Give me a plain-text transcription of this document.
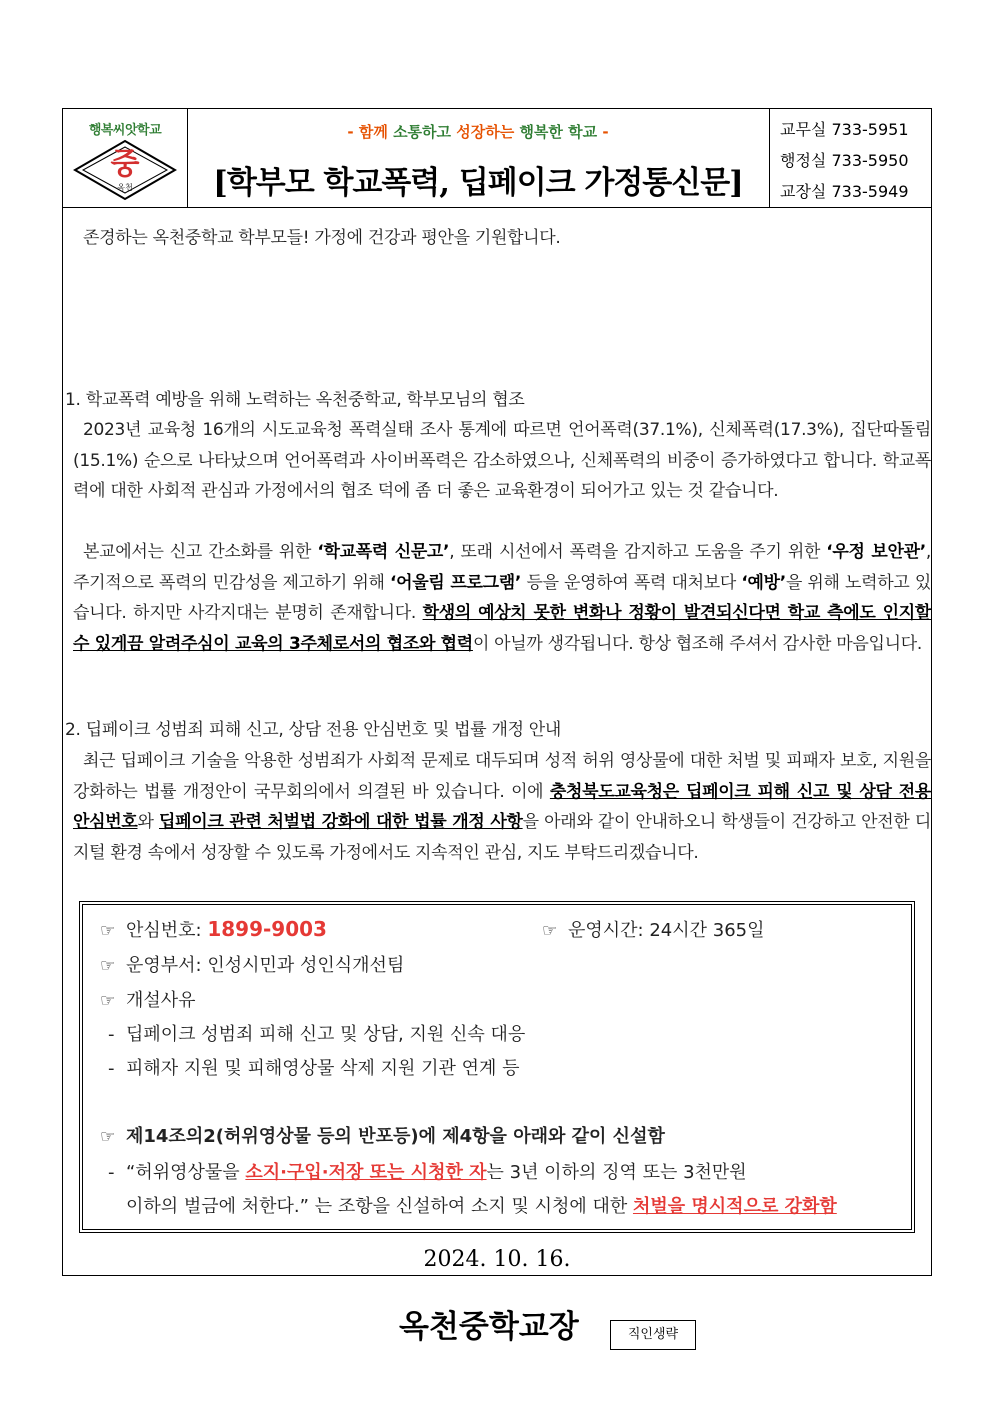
행복씨앗학교
중
옥천
- 함께 소통하고 성장하는 행복한 학교 -
[학부모 학교폭력, 딥페이크 가정통신문]
교무실 733-5951
행정실 733-5950
교장실 733-5949
존경하는 옥천중학교 학부모들! 가정에 건강과 평안을 기원합니다.
1. 학교폭력 예방을 위해 노력하는 옥천중학교, 학부모님의 협조
2023년 교육청 16개의 시도교육청 폭력실태 조사 통계에 따르면 언어폭력(37.1%), 신체폭력(17.3%), 집단따돌림(15.1%) 순으로 나타났으며 언어폭력과 사이버폭력은 감소하였으나, 신체폭력의 비중이 증가하였다고 합니다. 학교폭력에 대한 사회적 관심과 가정에서의 협조 덕에 좀 더 좋은 교육환경이 되어가고 있는 것 같습니다.
본교에서는 신고 간소화를 위한 ‘학교폭력 신문고’, 또래 시선에서 폭력을 감지하고 도움을 주기 위한 ‘우정 보안관’, 주기적으로 폭력의 민감성을 제고하기 위해 ‘어울림 프로그램’ 등을 운영하여 폭력 대처보다 ‘예방’을 위해 노력하고 있습니다. 하지만 사각지대는 분명히 존재합니다. 학생의 예상치 못한 변화나 정황이 발견되신다면 학교 측에도 인지할 수 있게끔 알려주심이 교육의 3주체로서의 협조와 협력이 아닐까 생각됩니다. 항상 협조해 주셔서 감사한 마음입니다.
2. 딥페이크 성범죄 피해 신고, 상담 전용 안심번호 및 법률 개정 안내
최근 딥페이크 기술을 악용한 성범죄가 사회적 문제로 대두되며 성적 허위 영상물에 대한 처벌 및 피패자 보호, 지원을 강화하는 법률 개정안이 국무회의에서 의결된 바 있습니다. 이에 충청북도교육청은 딥페이크 피해 신고 및 상담 전용 안심번호와 딥페이크 관련 처벌법 강화에 대한 법률 개정 사항을 아래와 같이 안내하오니 학생들이 건강하고 안전한 디지털 환경 속에서 성장할 수 있도록 가정에서도 지속적인 관심, 지도 부탁드리겠습니다.
☞ 안심번호: 1899-9003	☞ 운영시간: 24시간 365일
☞ 운영부서: 인성시민과 성인식개선팀
☞ 개설사유
- 딥페이크 성범죄 피해 신고 및 상담, 지원 신속 대응
- 피해자 지원 및 피해영상물 삭제 지원 기관 연계 등
☞ 제14조의2(허위영상물 등의 반포등)에 제4항을 아래와 같이 신설함
- “허위영상물을 소지·구입·저장 또는 시청한 자는 3년 이하의 징역 또는 3천만원
이하의 벌금에 처한다.” 는 조항을 신설하여 소지 및 시청에 대한 처벌을 명시적으로 강화함
2024. 10. 16.
옥천중학교장	직인생략
